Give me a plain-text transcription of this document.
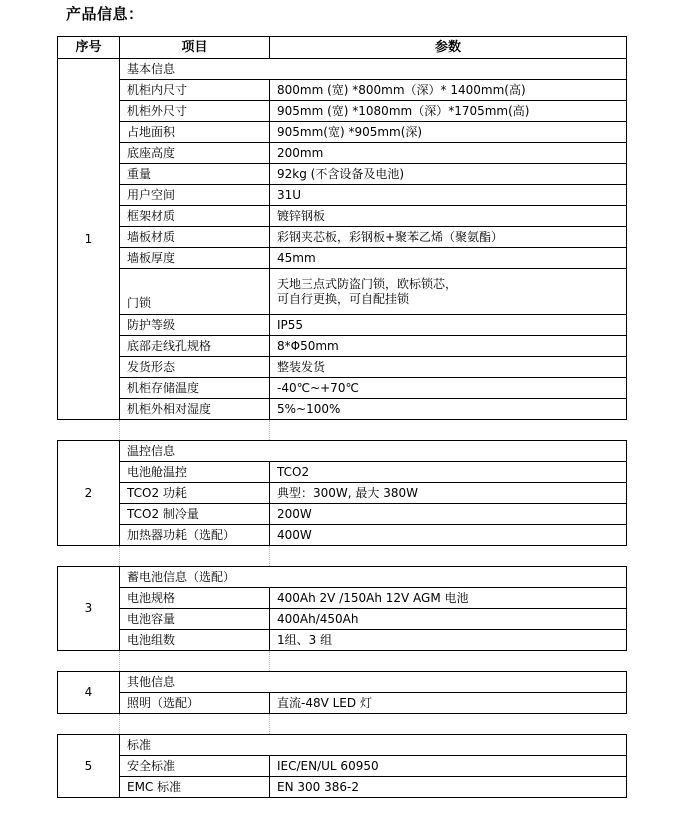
产品信息：
序号	项目	参数
1	基本信息	
	机柜内尺寸	800mm (宽) *800mm（深）* 1400mm(高)
	机柜外尺寸	905mm (宽) *1080mm（深）*1705mm(高)
	占地面积	905mm(宽) *905mm(深)
	底座高度	200mm
	重量	92kg (不含设备及电池)
	用户空间	31U
	框架材质	镀锌钢板
	墙板材质	彩钢夹芯板，彩钢板+聚苯乙烯（聚氨酯）
	墙板厚度	45mm
	门锁	天地三点式防盗门锁，欧标锁芯，
可自行更换，可自配挂锁

	防护等级	IP55
	底部走线孔规格	8*Φ50mm
	发货形态	整装发货
	机柜存储温度	-40℃~+70℃
	机柜外相对湿度	5%~100%

2	温控信息	
	电池舱温控	TCO2
	TCO2 功耗	典型：300W, 最大 380W
	TCO2 制冷量	200W
	加热器功耗（选配）	400W

3	蓄电池信息（选配）	
	电池规格	400Ah 2V /150Ah 12V AGM 电池
	电池容量	400Ah/450Ah
	电池组数	1组、3 组

4	其他信息	
	照明（选配）	直流-48V LED 灯

5	标准	
	安全标准	IEC/EN/UL 60950
	EMC 标准	EN 300 386-2
